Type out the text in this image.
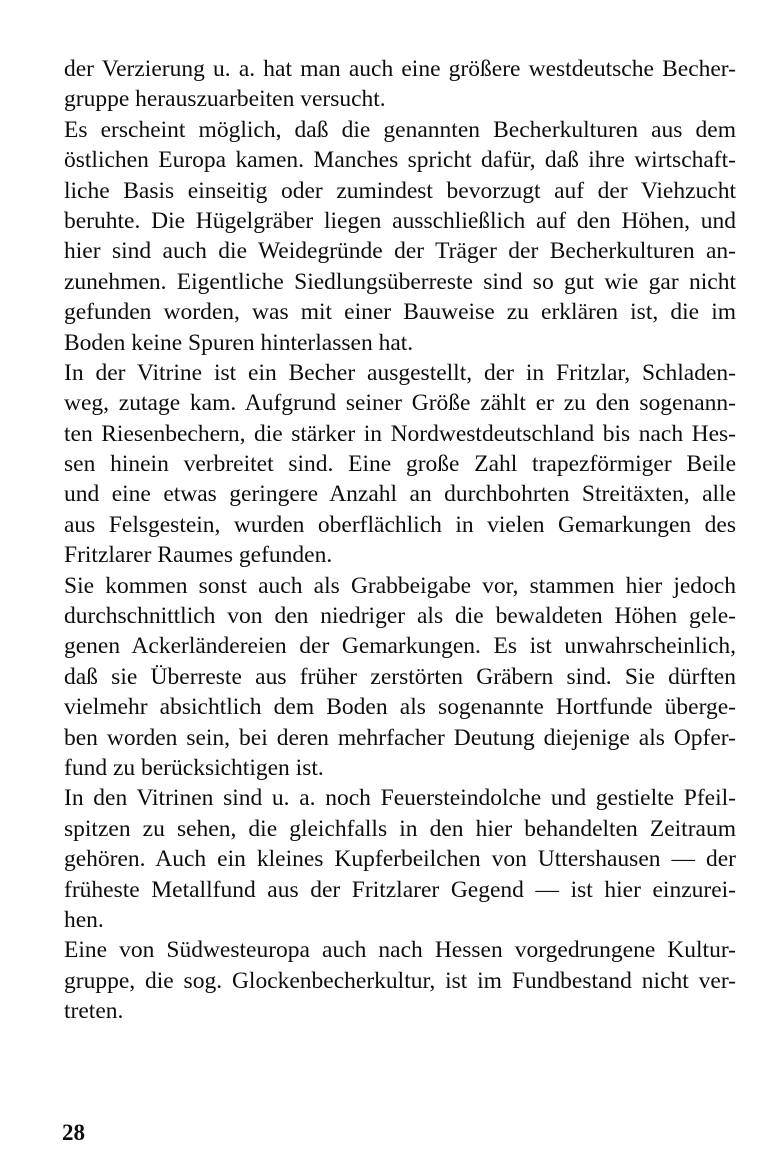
der Verzierung u. a. hat man auch eine größere westdeutsche Becher-
gruppe herauszuarbeiten versucht.
Es erscheint möglich, daß die genannten Becherkulturen aus dem
östlichen Europa kamen. Manches spricht dafür, daß ihre wirtschaft-
liche Basis einseitig oder zumindest bevorzugt auf der Viehzucht
beruhte. Die Hügelgräber liegen ausschließlich auf den Höhen, und
hier sind auch die Weidegründe der Träger der Becherkulturen an-
zunehmen. Eigentliche Siedlungsüberreste sind so gut wie gar nicht
gefunden worden, was mit einer Bauweise zu erklären ist, die im
Boden keine Spuren hinterlassen hat.
In der Vitrine ist ein Becher ausgestellt, der in Fritzlar, Schladen-
weg, zutage kam. Aufgrund seiner Größe zählt er zu den sogenann-
ten Riesenbechern, die stärker in Nordwestdeutschland bis nach Hes-
sen hinein verbreitet sind. Eine große Zahl trapezförmiger Beile
und eine etwas geringere Anzahl an durchbohrten Streitäxten, alle
aus Felsgestein, wurden oberflächlich in vielen Gemarkungen des
Fritzlarer Raumes gefunden.
Sie kommen sonst auch als Grabbeigabe vor, stammen hier jedoch
durchschnittlich von den niedriger als die bewaldeten Höhen gele-
genen Ackerländereien der Gemarkungen. Es ist unwahrscheinlich,
daß sie Überreste aus früher zerstörten Gräbern sind. Sie dürften
vielmehr absichtlich dem Boden als sogenannte Hortfunde überge-
ben worden sein, bei deren mehrfacher Deutung diejenige als Opfer-
fund zu berücksichtigen ist.
In den Vitrinen sind u. a. noch Feuersteindolche und gestielte Pfeil-
spitzen zu sehen, die gleichfalls in den hier behandelten Zeitraum
gehören. Auch ein kleines Kupferbeilchen von Uttershausen — der
früheste Metallfund aus der Fritzlarer Gegend — ist hier einzurei-
hen.
Eine von Südwesteuropa auch nach Hessen vorgedrungene Kultur-
gruppe, die sog. Glockenbecherkultur, ist im Fundbestand nicht ver-
treten.
28
